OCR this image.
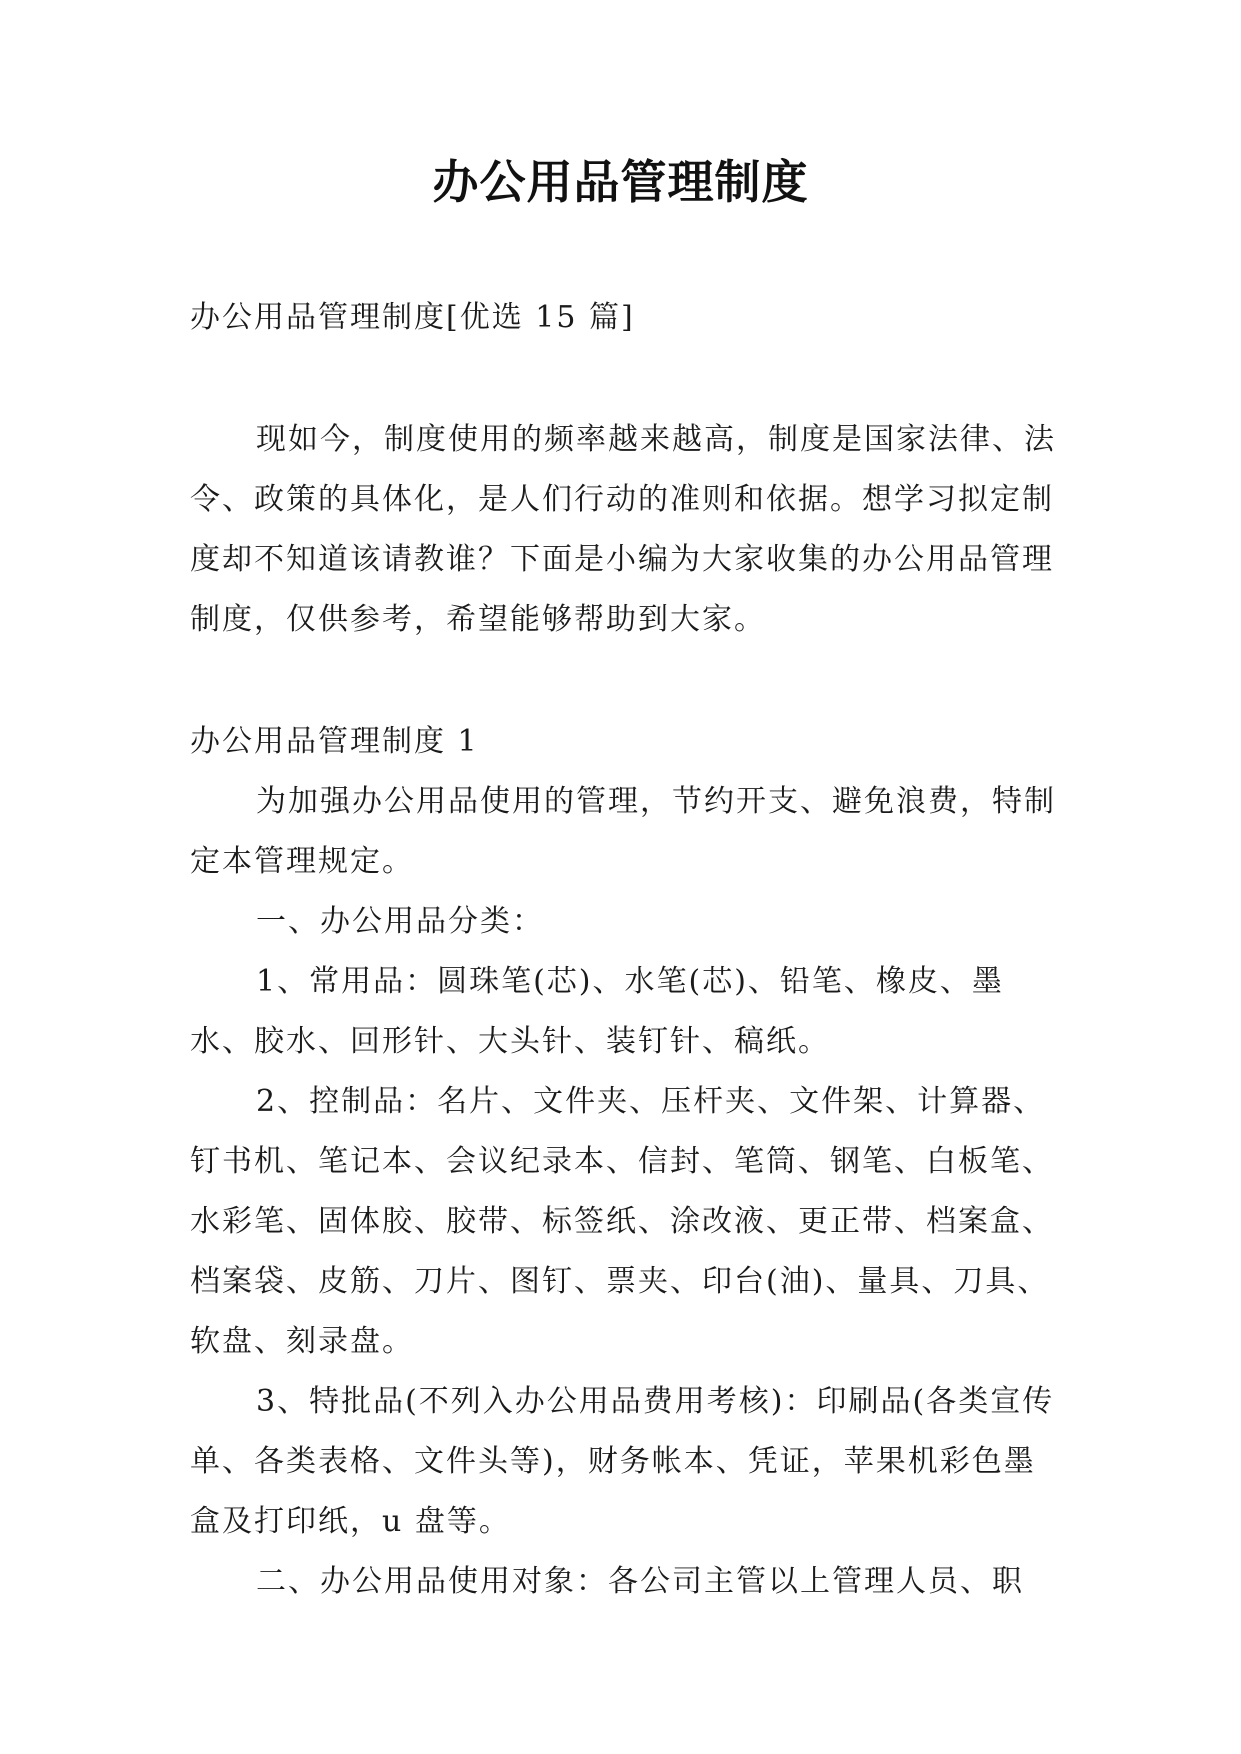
办公用品管理制度

办公用品管理制度[优选 15 篇]

现如今，制度使用的频率越来越高，制度是国家法律、法令、政策的具体化，是人们行动的准则和依据。想学习拟定制度却不知道该请教谁？下面是小编为大家收集的办公用品管理制度，仅供参考，希望能够帮助到大家。

办公用品管理制度 1

为加强办公用品使用的管理，节约开支、避免浪费，特制定本管理规定。

一、办公用品分类：

1、常用品：圆珠笔(芯)、水笔(芯)、铅笔、橡皮、墨水、胶水、回形针、大头针、装钉针、稿纸。

2、控制品：名片、文件夹、压杆夹、文件架、计算器、钉书机、笔记本、会议纪录本、信封、笔筒、钢笔、白板笔、水彩笔、固体胶、胶带、标签纸、涂改液、更正带、档案盒、档案袋、皮筋、刀片、图钉、票夹、印台(油)、量具、刀具、软盘、刻录盘。

3、特批品(不列入办公用品费用考核)：印刷品(各类宣传单、各类表格、文件头等)，财务帐本、凭证，苹果机彩色墨盒及打印纸，u 盘等。

二、办公用品使用对象：各公司主管以上管理人员、职
